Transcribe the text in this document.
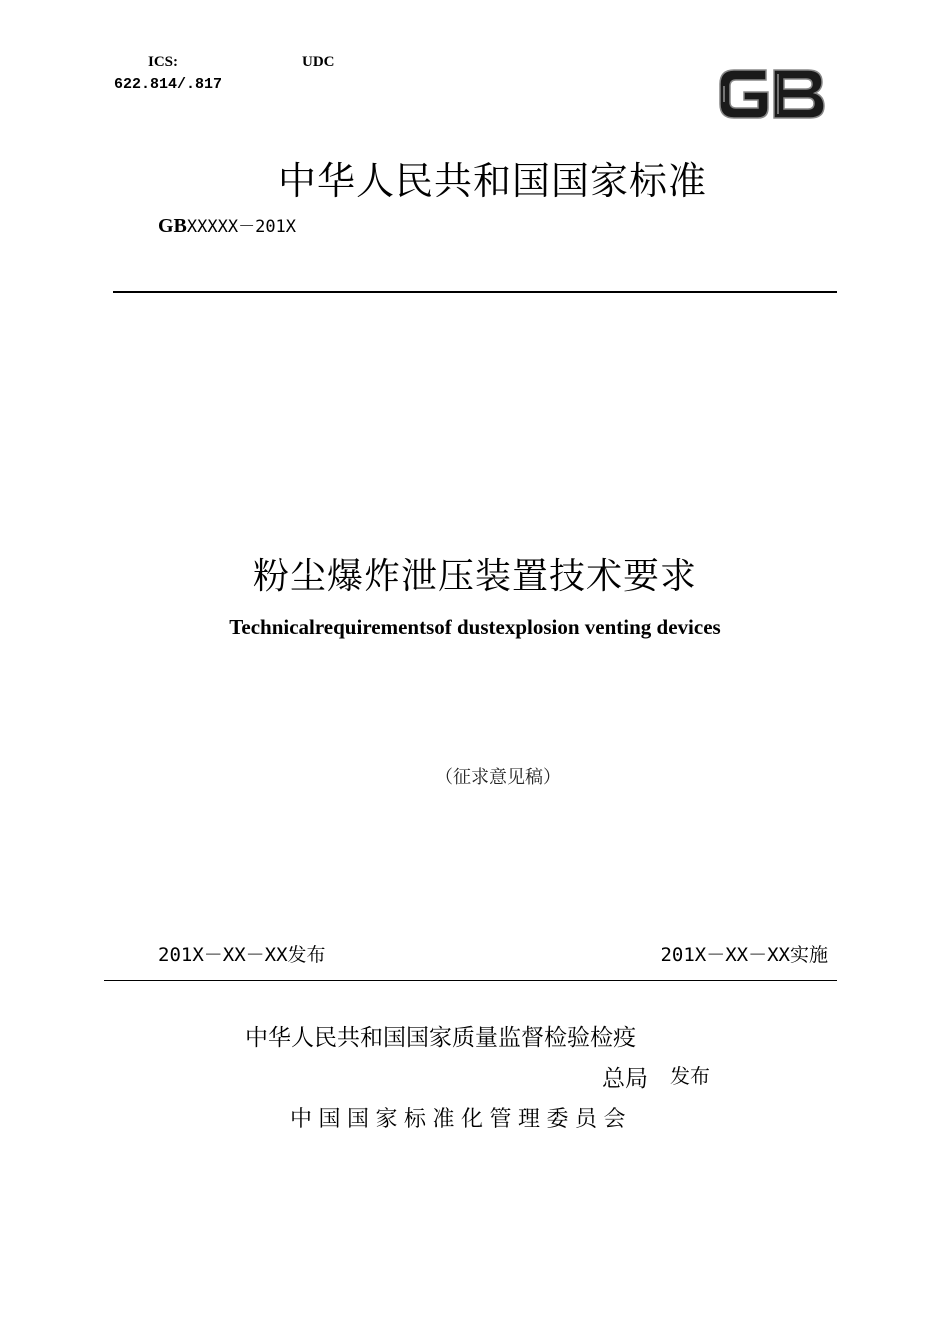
ICS:	UDC
622.814/.817
中华人民共和国国家标准
GBXXXXX－201X
粉尘爆炸泄压装置技术要求
Technicalrequirementsof dustexplosion venting devices
（征求意见稿）
201X－XX－XX发布	201X－XX－XX实施
中华人民共和国国家质量监督检验检疫
总局 发布
中国国家标准化管理委员会
